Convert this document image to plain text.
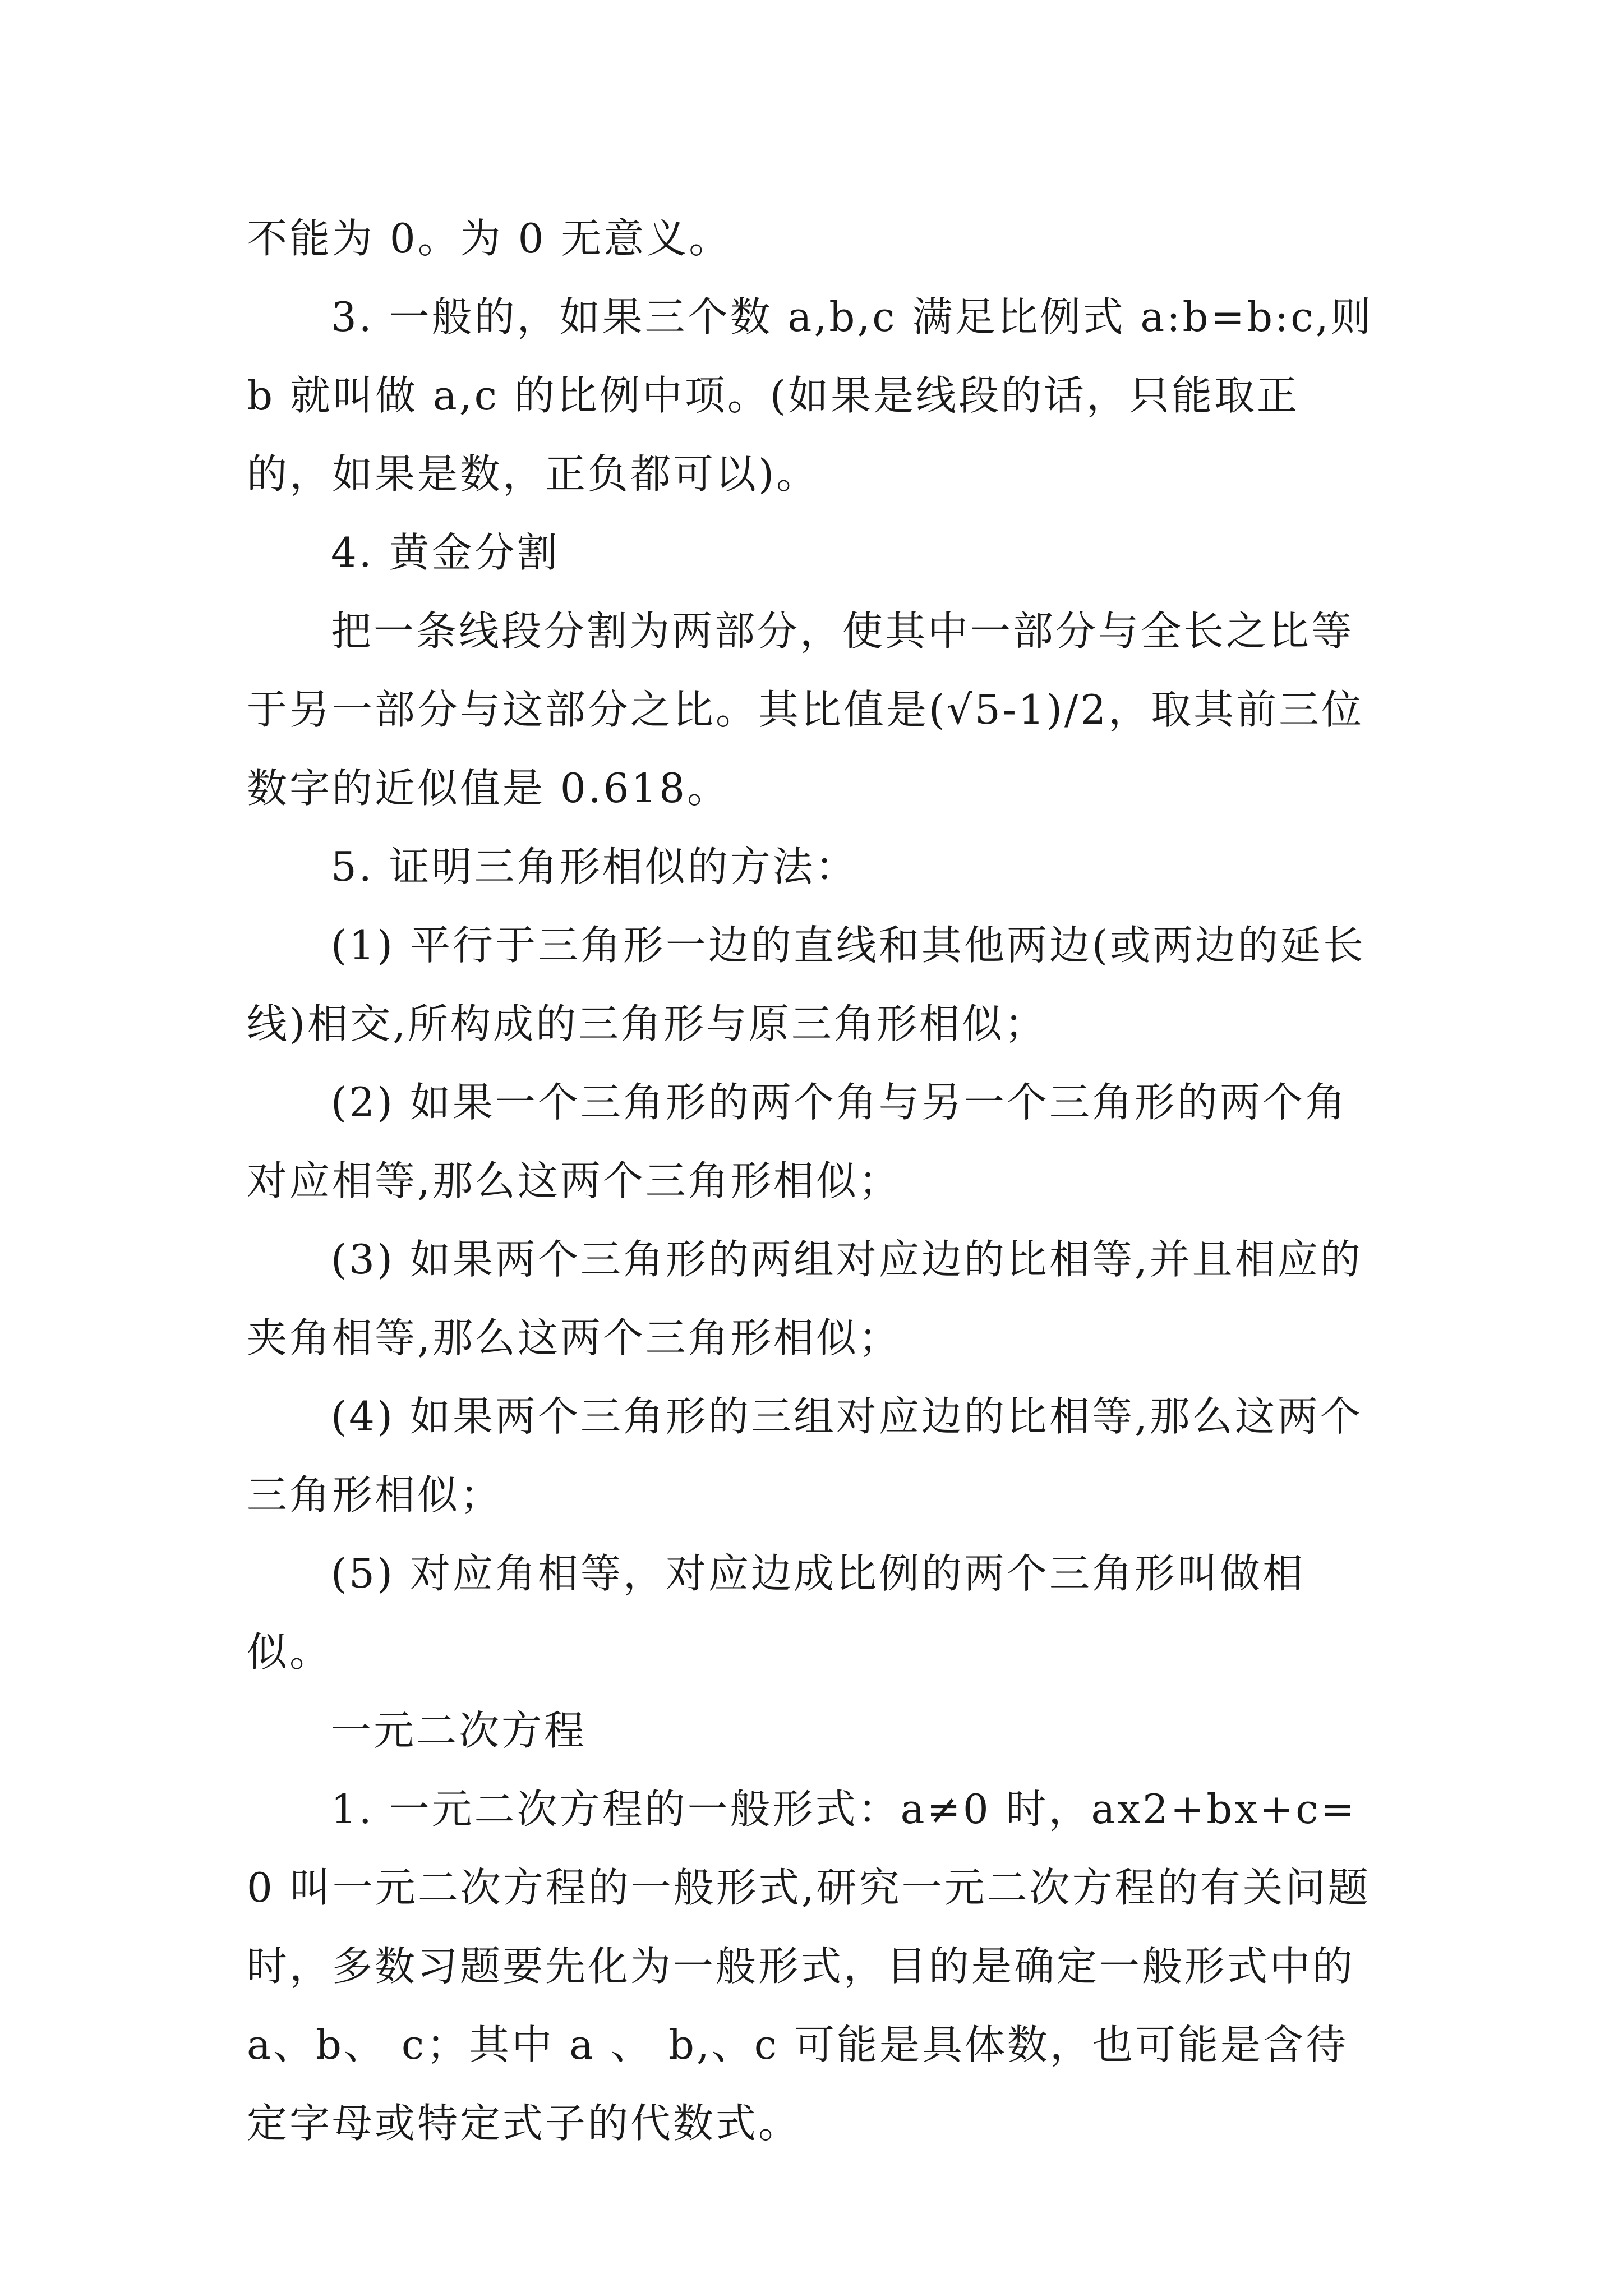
不能为 0。为 0 无意义。

3. 一般的，如果三个数 a,b,c 满足比例式 a:b=b:c,则 b 就叫做 a,c 的比例中项。(如果是线段的话，只能取正的，如果是数，正负都可以)。

4. 黄金分割

把一条线段分割为两部分，使其中一部分与全长之比等于另一部分与这部分之比。其比值是(√5-1)/2，取其前三位数字的近似值是 0.618。

5. 证明三角形相似的方法：

(1) 平行于三角形一边的直线和其他两边(或两边的延长线)相交,所构成的三角形与原三角形相似；

(2) 如果一个三角形的两个角与另一个三角形的两个角对应相等,那么这两个三角形相似；

(3) 如果两个三角形的两组对应边的比相等,并且相应的夹角相等,那么这两个三角形相似；

(4) 如果两个三角形的三组对应边的比相等,那么这两个三角形相似；

(5) 对应角相等，对应边成比例的两个三角形叫做相似。

一元二次方程

1. 一元二次方程的一般形式：a≠0 时，ax2+bx+c=0 叫一元二次方程的一般形式,研究一元二次方程的有关问题时，多数习题要先化为一般形式，目的是确定一般形式中的 a、b、 c；其中 a 、 b,、c 可能是具体数，也可能是含待定字母或特定式子的代数式。
